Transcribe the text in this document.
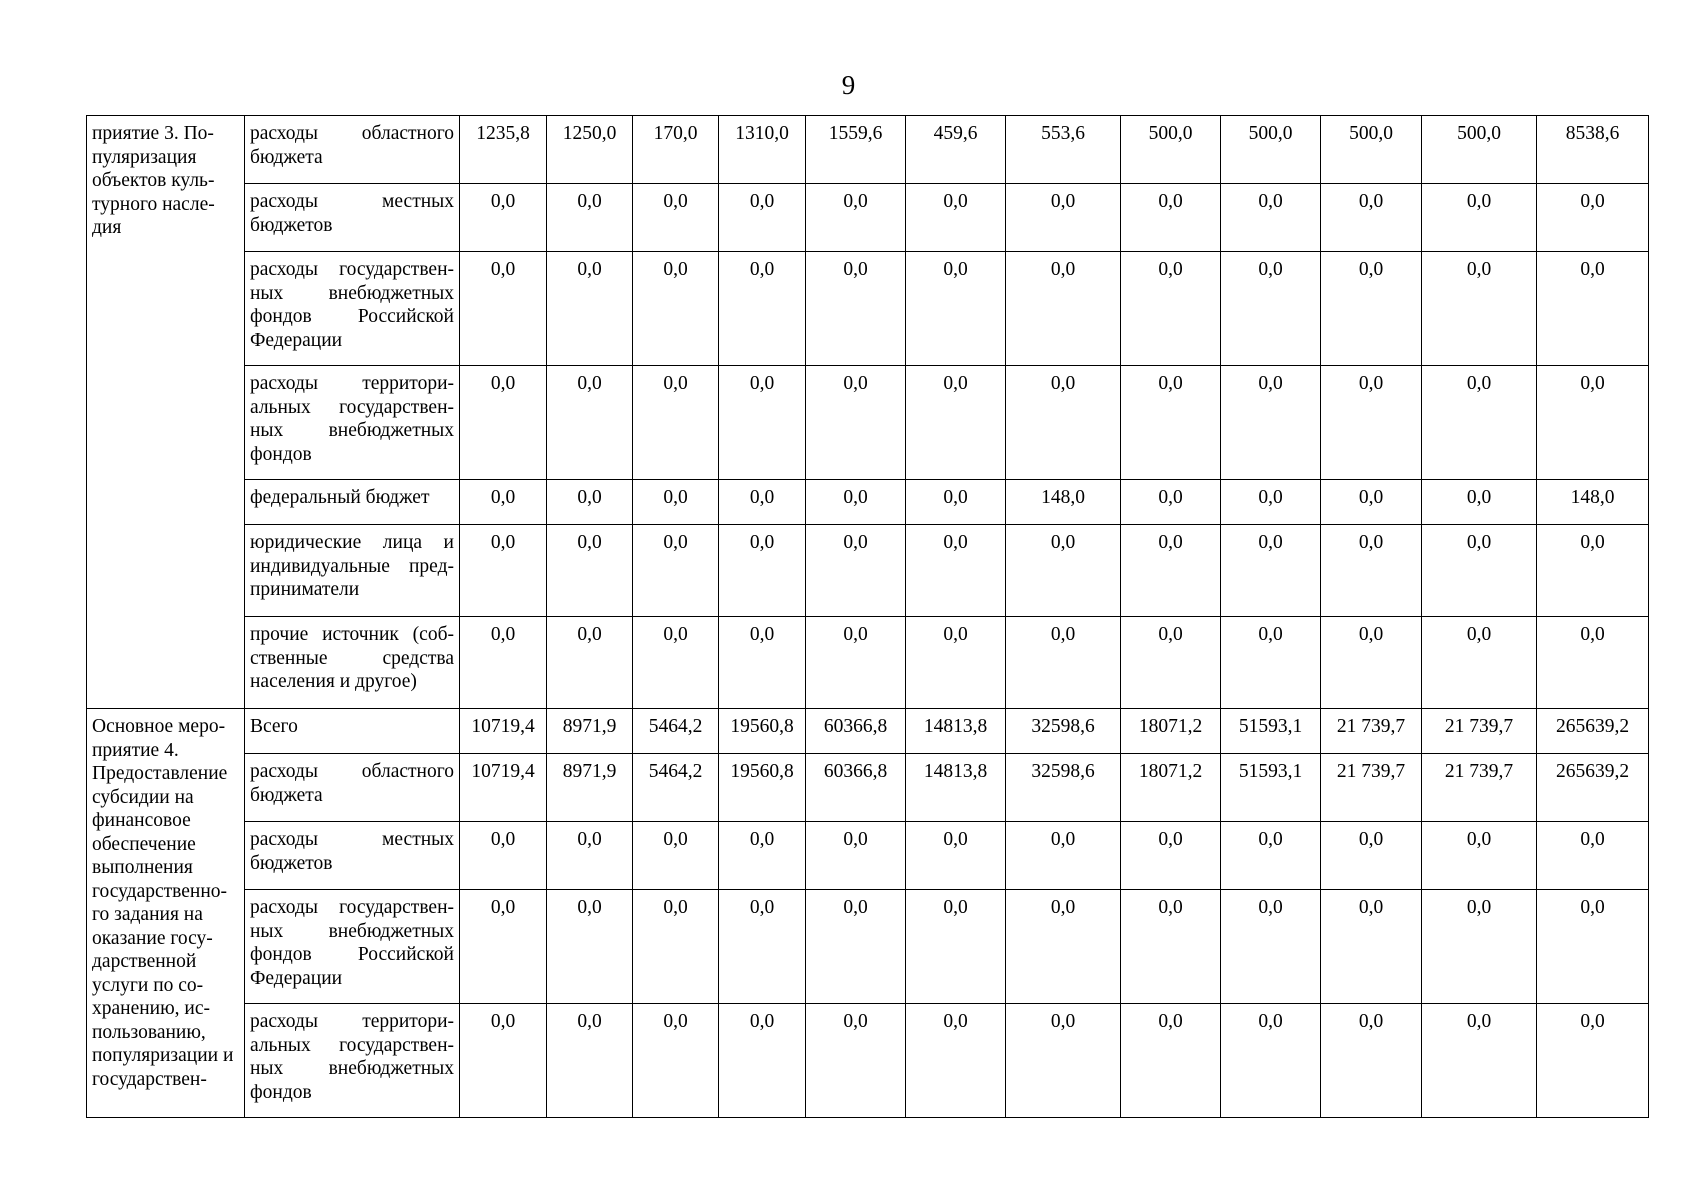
9
приятие 3. По-пуляризация объектов куль-турного насле-дия	расходы областного бюджета	1235,8	1250,0	170,0	1310,0	1559,6	459,6	553,6	500,0	500,0	500,0	500,0	8538,6
	расходы местных бюджетов	0,0	0,0	0,0	0,0	0,0	0,0	0,0	0,0	0,0	0,0	0,0	0,0
	расходы государствен-ных внебюджетных фондов Российской Федерации	0,0	0,0	0,0	0,0	0,0	0,0	0,0	0,0	0,0	0,0	0,0	0,0
	расходы территори-альных государствен-ных внебюджетных фондов	0,0	0,0	0,0	0,0	0,0	0,0	0,0	0,0	0,0	0,0	0,0	0,0
	федеральный бюджет	0,0	0,0	0,0	0,0	0,0	0,0	148,0	0,0	0,0	0,0	0,0	148,0
	юридические лица и индивидуальные пред-приниматели	0,0	0,0	0,0	0,0	0,0	0,0	0,0	0,0	0,0	0,0	0,0	0,0
	прочие источник (соб-ственные средства населения и другое)	0,0	0,0	0,0	0,0	0,0	0,0	0,0	0,0	0,0	0,0	0,0	0,0
Основное меро-приятие 4. Предоставление субсидии на финансовое обеспечение выполнения государственно-го задания на оказание госу-дарственной услуги по со-хранению, ис-пользованию, популяризации и государствен-	Всего	10719,4	8971,9	5464,2	19560,8	60366,8	14813,8	32598,6	18071,2	51593,1	21 739,7	21 739,7	265639,2
	расходы областного бюджета	10719,4	8971,9	5464,2	19560,8	60366,8	14813,8	32598,6	18071,2	51593,1	21 739,7	21 739,7	265639,2
	расходы местных бюджетов	0,0	0,0	0,0	0,0	0,0	0,0	0,0	0,0	0,0	0,0	0,0	0,0
	расходы государствен-ных внебюджетных фондов Российской Федерации	0,0	0,0	0,0	0,0	0,0	0,0	0,0	0,0	0,0	0,0	0,0	0,0
	расходы территори-альных государствен-ных внебюджетных фондов	0,0	0,0	0,0	0,0	0,0	0,0	0,0	0,0	0,0	0,0	0,0	0,0
